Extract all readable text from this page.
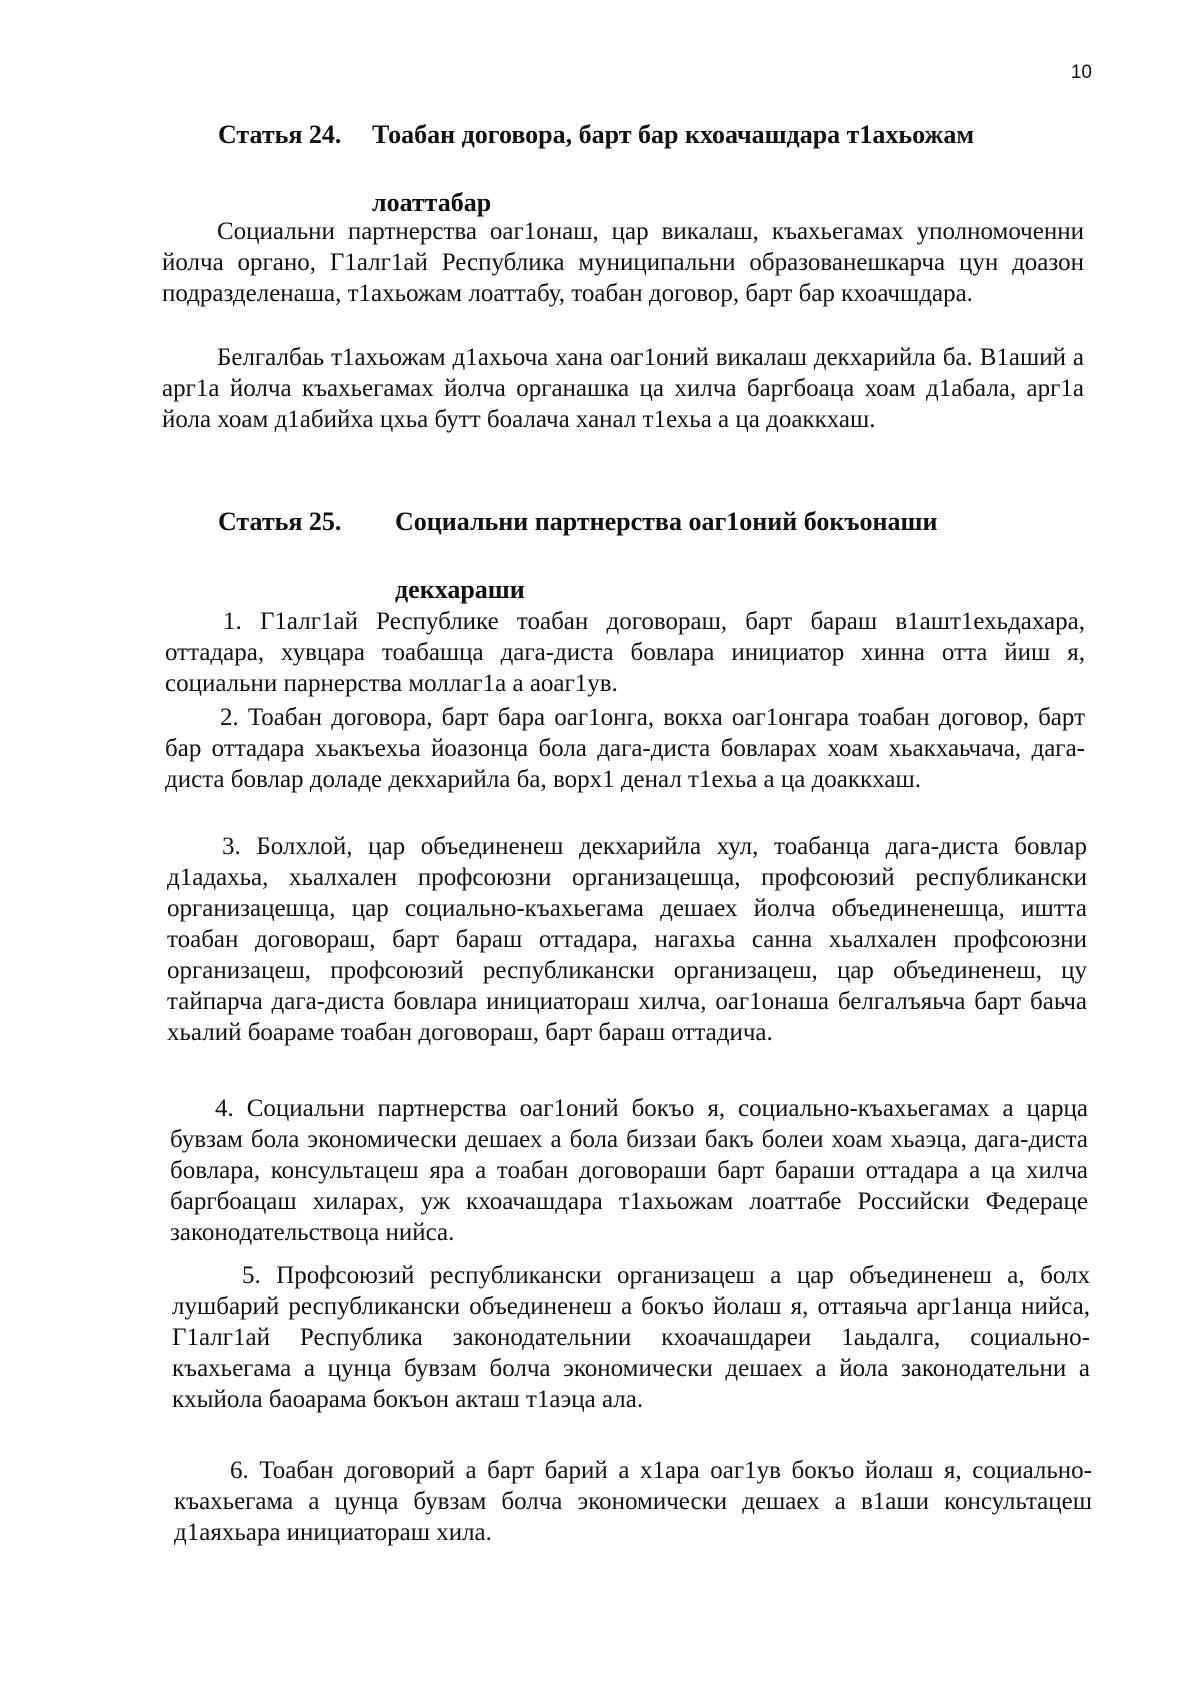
10
Статья 24.	Тоабан договора, барт бар кхоачашдара т1ахьожам
лоаттабар

Социальни партнерства оаг1онаш, цар викалаш, къахьегамах уполномоченни йолча органо, Г1алг1ай Республика муниципальни образованешкарча цун доазон подразделенаша, т1ахьожам лоаттабу, тоабан договор, барт бар кхоачшдара.

Белгалбаь т1ахьожам д1ахьоча хана оаг1оний викалаш декхарийла ба. В1аший а арг1а йолча къахьегамах йолча органашка ца хилча баргбоаца хоам д1абала, арг1а йола хоам д1абийха цхьа бутт боалача ханал т1ехьа а ца доаккхаш.

Статья 25.	Социальни партнерства оаг1оний бокъонаши
декхараши

1. Г1алг1ай Республике тоабан договораш, барт бараш в1ашт1ехьдахара, оттадара, хувцара тоабашца дага-диста бовлара инициатор хинна отта йиш я, социальни парнерства моллаг1а а аоаг1ув.

2. Тоабан договора, барт бара оаг1онга, вокха оаг1онгара тоабан договор, барт бар оттадара хьакъехьа йоазонца бола дага-диста бовларах хоам хьакхаьчача, дага-диста бовлар доладе декхарийла ба, ворх1 денал т1ехьа а ца доаккхаш.

3. Болхлой, цар объединенеш декхарийла хул, тоабанца дага-диста бовлар д1адахьа, хьалхален профсоюзни организацешца, профсоюзий республикански организацешца, цар социально-къахьегама дешаех йолча объединенешца, иштта тоабан договораш, барт бараш оттадара, нагахьа санна хьалхален профсоюзни организацеш, профсоюзий республикански организацеш, цар объединенеш, цу тайпарча дага-диста бовлара инициатораш хилча, оаг1онаша белгалъяьча барт баьча хьалий боараме тоабан договораш, барт бараш оттадича.

4. Социальни партнерства оаг1оний бокъо я, социально-къахьегамах а царца бувзам бола экономически дешаех а бола биззаи бакъ болеи хоам хьаэца, дага-диста бовлара, консультацеш яра а тоабан договораши барт бараши оттадара а ца хилча баргбоацаш хиларах, уж кхоачашдара т1ахьожам лоаттабе Российски Федераце законодательствоца нийса.

5. Профсоюзий республикански организацеш а цар объединенеш а, болх лушбарий республикански объединенеш а бокъо йолаш я, оттаяьча арг1анца нийса, Г1алг1ай Республика законодательнии кхоачашдареи 1аьдалга, социально-къахьегама а цунца бувзам болча экономически дешаех а йола законодательни а кхыйола баоарама бокъон акташ т1аэца ала.

6. Тоабан договорий а барт барий а х1ара оаг1ув бокъо йолаш я, социально-къахьегама а цунца бувзам болча экономически дешаех а в1аши консультацеш д1аяхьара инициатораш хила.
